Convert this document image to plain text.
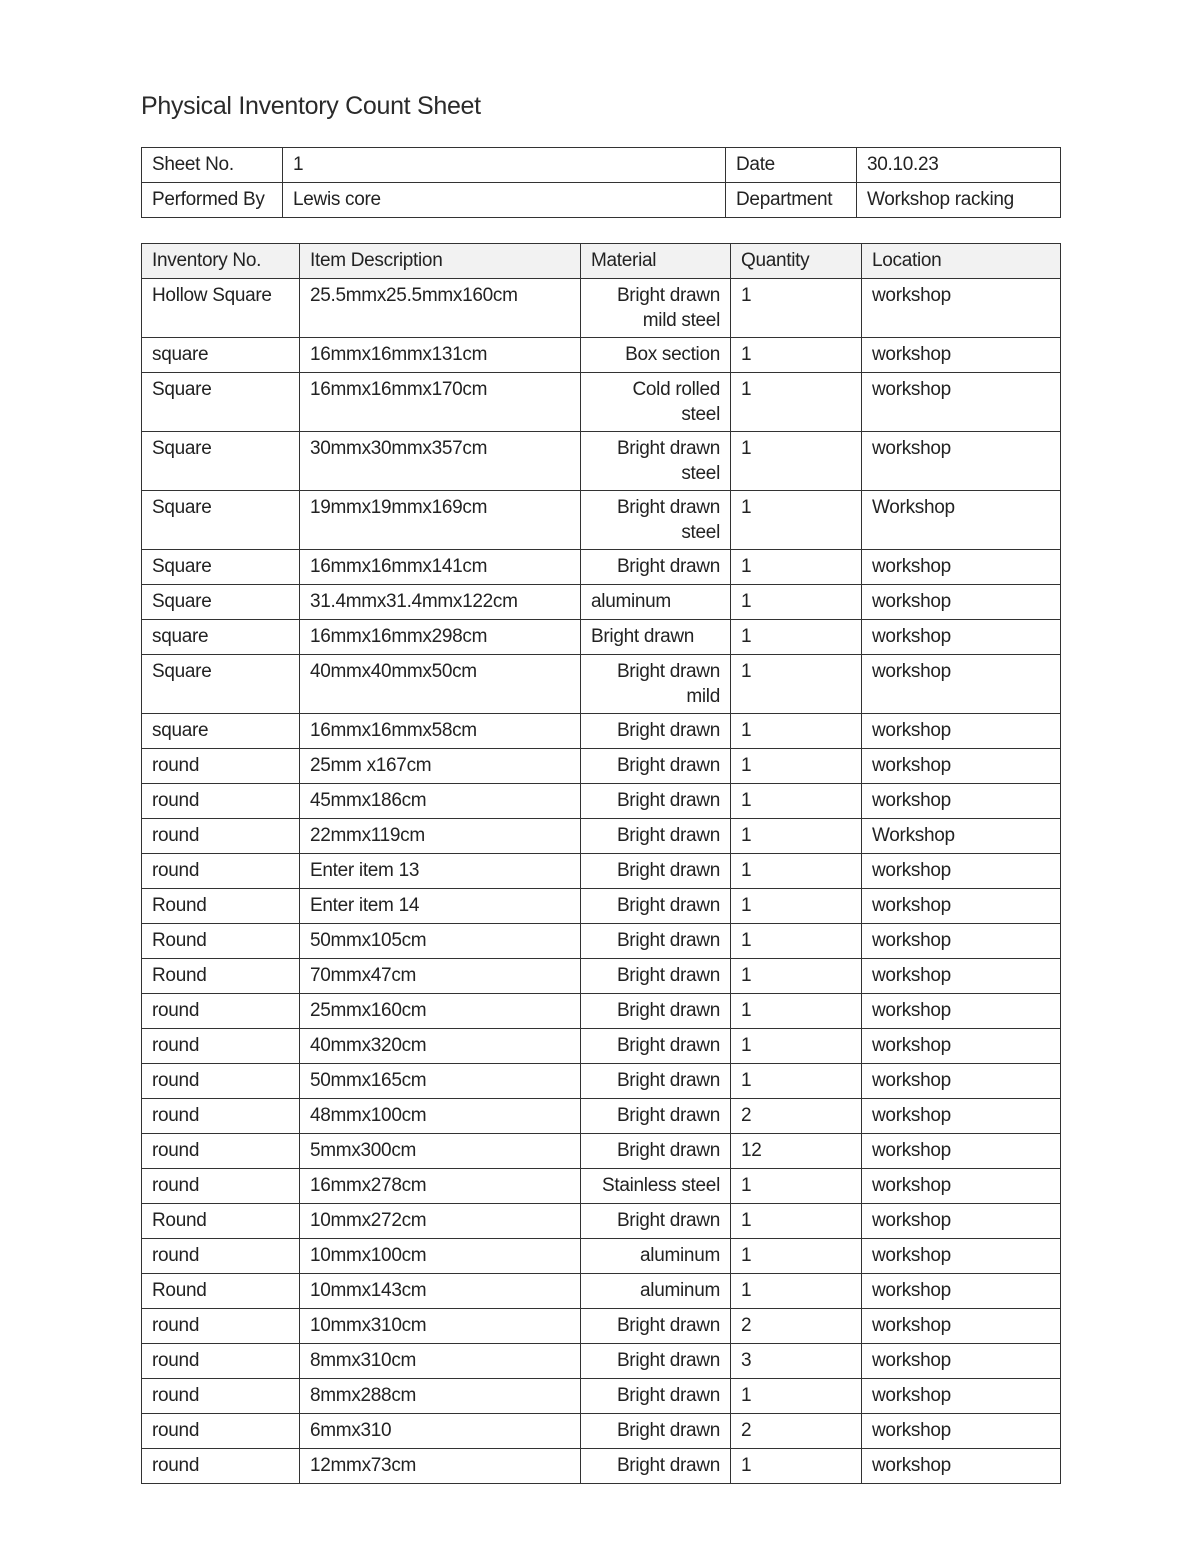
Physical Inventory Count Sheet
Sheet No.	1	Date	30.10.23
Performed By	Lewis core	Department	Workshop racking
Inventory No.	Item Description	Material	Quantity	Location
Hollow Square	25.5mmx25.5mmx160cm	Bright drawn mild steel	1	workshop
square	16mmx16mmx131cm	Box section	1	workshop
Square	16mmx16mmx170cm	Cold rolled steel	1	workshop
Square	30mmx30mmx357cm	Bright drawn steel	1	workshop
Square	19mmx19mmx169cm	Bright drawn steel	1	Workshop
Square	16mmx16mmx141cm	Bright drawn	1	workshop
Square	31.4mmx31.4mmx122cm	aluminum	1	workshop
square	16mmx16mmx298cm	Bright drawn	1	workshop
Square	40mmx40mmx50cm	Bright drawn mild	1	workshop
square	16mmx16mmx58cm	Bright drawn	1	workshop
round	25mm x167cm	Bright drawn	1	workshop
round	45mmx186cm	Bright drawn	1	workshop
round	22mmx119cm	Bright drawn	1	Workshop
round	Enter item 13	Bright drawn	1	workshop
Round	Enter item 14	Bright drawn	1	workshop
Round	50mmx105cm	Bright drawn	1	workshop
Round	70mmx47cm	Bright drawn	1	workshop
round	25mmx160cm	Bright drawn	1	workshop
round	40mmx320cm	Bright drawn	1	workshop
round	50mmx165cm	Bright drawn	1	workshop
round	48mmx100cm	Bright drawn	2	workshop
round	5mmx300cm	Bright drawn	12	workshop
round	16mmx278cm	Stainless steel	1	workshop
Round	10mmx272cm	Bright drawn	1	workshop
round	10mmx100cm	aluminum	1	workshop
Round	10mmx143cm	aluminum	1	workshop
round	10mmx310cm	Bright drawn	2	workshop
round	8mmx310cm	Bright drawn	3	workshop
round	8mmx288cm	Bright drawn	1	workshop
round	6mmx310	Bright drawn	2	workshop
round	12mmx73cm	Bright drawn	1	workshop
